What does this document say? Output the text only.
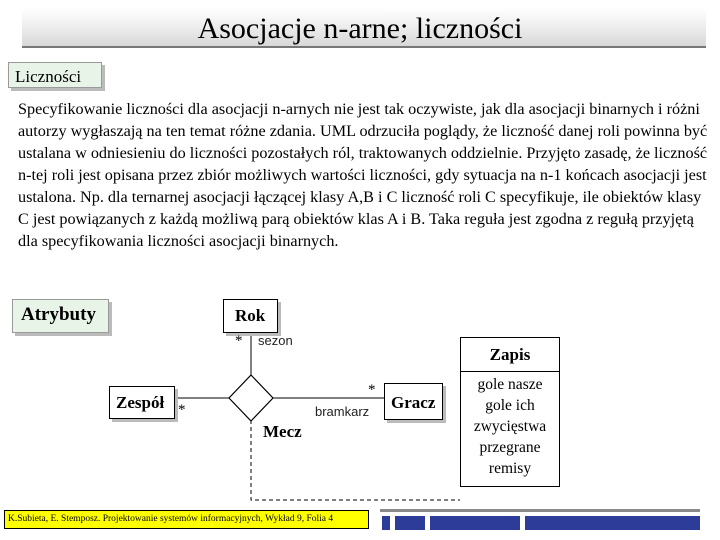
Asocjacje n-arne; liczności
Liczności

Specyfikowanie liczności dla asocjacji n-arnych nie jest tak oczywiste, jak dla asocjacji binarnych i różni autorzy wygłaszają na ten temat różne zdania. UML odrzuciła poglądy, że liczność danej roli powinna być ustalana w odniesieniu do liczności pozostałych ról, traktowanych oddzielnie. Przyjęto zasadę, że liczność n-tej roli jest opisana przez zbiór możliwych wartości liczności, gdy sytuacja na n-1 końcach asocjacji jest ustalona. Np. dla ternarnej asocjacji łączącej klasy A,B i C liczność roli C specyfikuje, ile obiektów klasy C jest powiązanych z każdą możliwą parą obiektów klas A i B. Taka reguła jest zgodna z regułą przyjętą dla specyfikowania liczności asocjacji binarnych.

Atrybuty	Rok
Zespół	Gracz
* sezon
*
*
bramkarz
Mecz
Zapis
gole nasze
gole ich
zwycięstwa
przegrane
remisy
K.Subieta, E. Stemposz. Projektowanie systemów informacyjnych, Wykład 9, Folia 4
